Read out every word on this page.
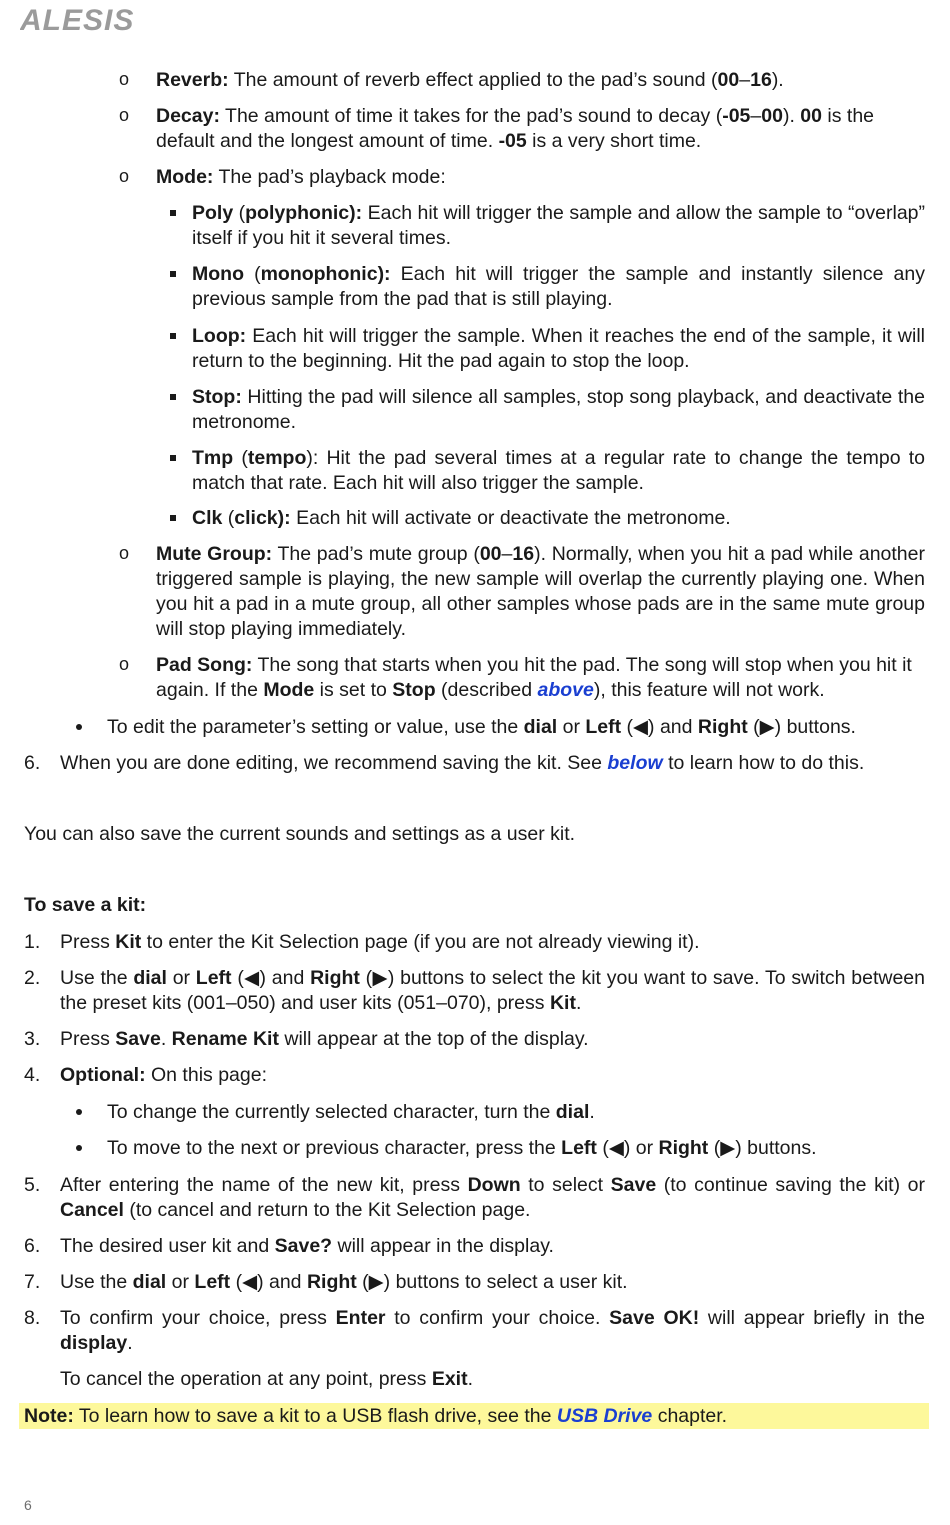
ALESIS
o Reverb: The amount of reverb effect applied to the pad’s sound (00–16).
o Decay: The amount of time it takes for the pad’s sound to decay (-05–00). 00 is the default and the longest amount of time. -05 is a very short time.
o Mode: The pad’s playback mode:
Poly (polyphonic): Each hit will trigger the sample and allow the sample to “overlap” itself if you hit it several times.
Mono (monophonic): Each hit will trigger the sample and instantly silence any previous sample from the pad that is still playing.
Loop: Each hit will trigger the sample. When it reaches the end of the sample, it will return to the beginning. Hit the pad again to stop the loop.
Stop: Hitting the pad will silence all samples, stop song playback, and deactivate the metronome.
Tmp (tempo): Hit the pad several times at a regular rate to change the tempo to match that rate. Each hit will also trigger the sample.
Clk (click): Each hit will activate or deactivate the metronome.
o Mute Group: The pad’s mute group (00–16). Normally, when you hit a pad while another triggered sample is playing, the new sample will overlap the currently playing one. When you hit a pad in a mute group, all other samples whose pads are in the same mute group will stop playing immediately.
o Pad Song: The song that starts when you hit the pad. The song will stop when you hit it again. If the Mode is set to Stop (described above), this feature will not work.
To edit the parameter’s setting or value, use the dial or Left (◀) and Right (▶) buttons.
6. When you are done editing, we recommend saving the kit. See below to learn how to do this.
You can also save the current sounds and settings as a user kit.
To save a kit:
1. Press Kit to enter the Kit Selection page (if you are not already viewing it).
2. Use the dial or Left (◀) and Right (▶) buttons to select the kit you want to save. To switch between the preset kits (001–050) and user kits (051–070), press Kit.
3. Press Save. Rename Kit will appear at the top of the display.
4. Optional: On this page:
To change the currently selected character, turn the dial.
To move to the next or previous character, press the Left (◀) or Right (▶) buttons.
5. After entering the name of the new kit, press Down to select Save (to continue saving the kit) or Cancel (to cancel and return to the Kit Selection page.
6. The desired user kit and Save? will appear in the display.
7. Use the dial or Left (◀) and Right (▶) buttons to select a user kit.
8. To confirm your choice, press Enter to confirm your choice. Save OK! will appear briefly in the display.
To cancel the operation at any point, press Exit.
Note: To learn how to save a kit to a USB flash drive, see the USB Drive chapter.
6
